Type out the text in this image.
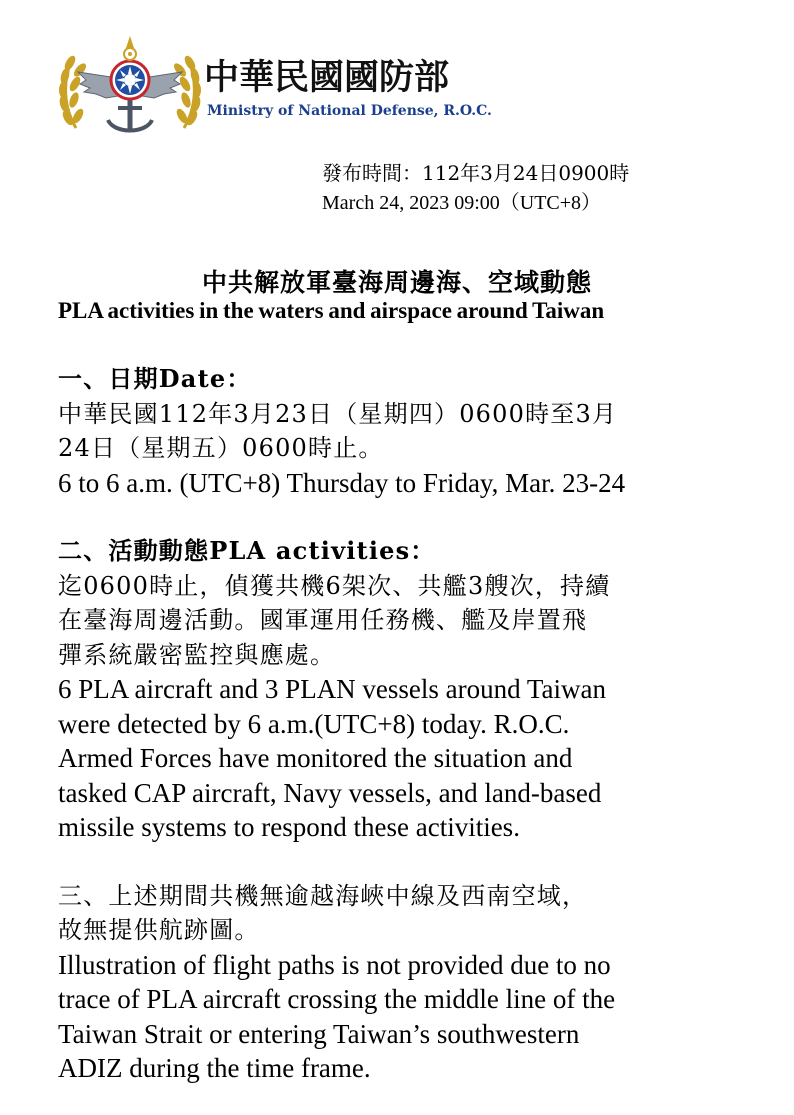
中華民國國防部
Ministry of National Defense, R.O.C.
發布時間：112年3月24日0900時
March 24, 2023 09:00（UTC+8）
中共解放軍臺海周邊海、空域動態
PLA activities in the waters and airspace around Taiwan

一、日期Date：

中華民國112年3月23日（星期四）0600時至3月

24日（星期五）0600時止。

6 to 6 a.m. (UTC+8) Thursday to Friday, Mar. 23-24

二、活動動態PLA activities：

迄0600時止，偵獲共機6架次、共艦3艘次，持續

在臺海周邊活動。國軍運用任務機、艦及岸置飛

彈系統嚴密監控與應處。

6 PLA aircraft and 3 PLAN vessels around Taiwan

were detected by 6 a.m.(UTC+8) today. R.O.C.

Armed Forces have monitored the situation and

tasked CAP aircraft, Navy vessels, and land-based

missile systems to respond these activities.

三、上述期間共機無逾越海峽中線及西南空域，

故無提供航跡圖。

Illustration of flight paths is not provided due to no

trace of PLA aircraft crossing the middle line of the

Taiwan Strait or entering Taiwan’s southwestern

ADIZ during the time frame.
